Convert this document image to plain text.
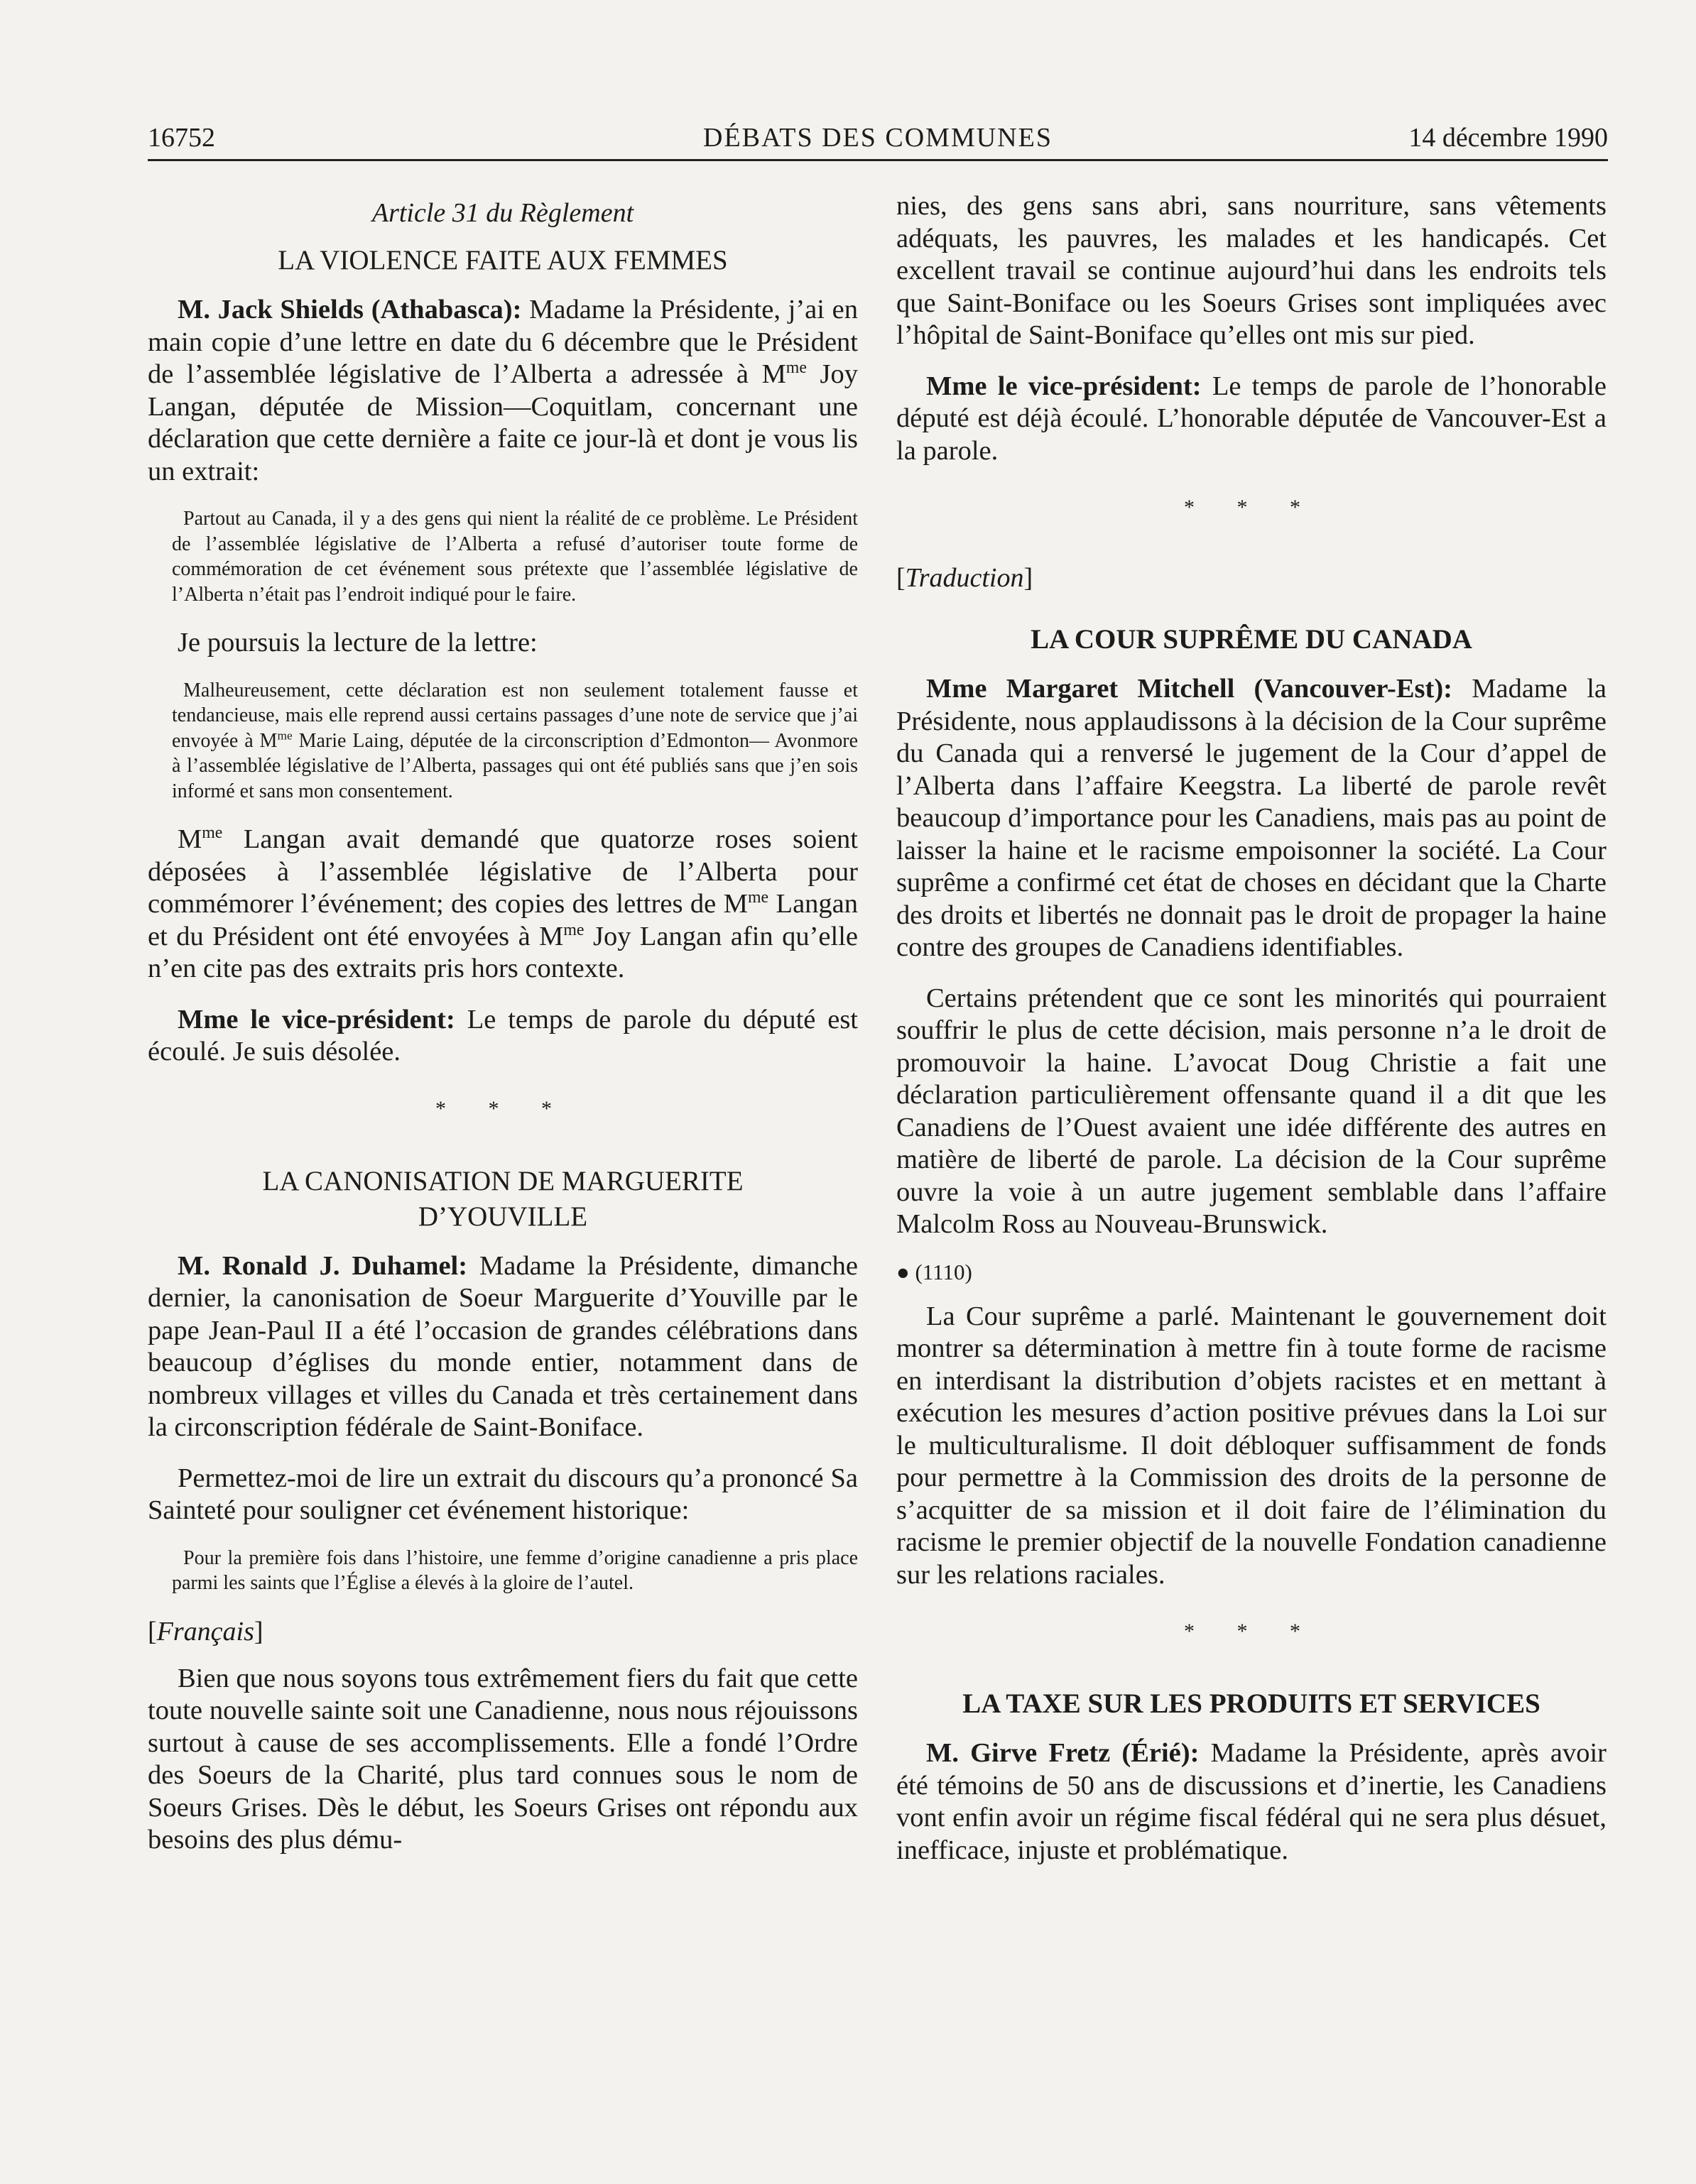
16752	DÉBATS DES COMMUNES	14 décembre 1990
Article 31 du Règlement
LA VIOLENCE FAITE AUX FEMMES

M. Jack Shields (Athabasca): Madame la Présidente, j’ai en main copie d’une lettre en date du 6 décembre que le Président de l’assemblée législative de l’Alberta a adressée à $M^{me}$ Joy Langan, députée de Mission—Coquitlam, concernant une déclaration que cette dernière a faite ce jour-là et dont je vous lis un extrait:

Partout au Canada, il y a des gens qui nient la réalité de ce problème. Le Président de l’assemblée législative de l’Alberta a refusé d’autoriser toute forme de commémoration de cet événement sous prétexte que l’assemblée législative de l’Alberta n’était pas l’endroit indiqué pour le faire.

Je poursuis la lecture de la lettre:

Malheureusement, cette déclaration est non seulement totalement fausse et tendancieuse, mais elle reprend aussi certains passages d’une note de service que j’ai envoyée à $M^{me}$ Marie Laing, députée de la circonscription d’Edmonton— Avonmore à l’assemblée législative de l’Alberta, passages qui ont été publiés sans que j’en sois informé et sans mon consentement.

$M^{me}$ Langan avait demandé que quatorze roses soient déposées à l’assemblée législative de l’Alberta pour commémorer l’événement; des copies des lettres de $M^{me}$ Langan et du Président ont été envoyées à $M^{me}$ Joy Langan afin qu’elle n’en cite pas des extraits pris hors contexte.

Mme le vice-président: Le temps de parole du député est écoulé. Je suis désolée.

* * *
LA CANONISATION DE MARGUERITE
D’YOUVILLE

M. Ronald J. Duhamel: Madame la Présidente, dimanche dernier, la canonisation de Soeur Marguerite d’Youville par le pape Jean-Paul II a été l’occasion de grandes célébrations dans beaucoup d’églises du monde entier, notamment dans de nombreux villages et villes du Canada et très certainement dans la circonscription fédérale de Saint-Boniface.

Permettez-moi de lire un extrait du discours qu’a prononcé Sa Sainteté pour souligner cet événement historique:

Pour la première fois dans l’histoire, une femme d’origine canadienne a pris place parmi les saints que l’Église a élevés à la gloire de l’autel.

[Français]

Bien que nous soyons tous extrêmement fiers du fait que cette toute nouvelle sainte soit une Canadienne, nous nous réjouissons surtout à cause de ses accomplissements. Elle a fondé l’Ordre des Soeurs de la Charité, plus tard connues sous le nom de Soeurs Grises. Dès le début, les Soeurs Grises ont répondu aux besoins des plus dému-

nies, des gens sans abri, sans nourriture, sans vêtements adéquats, les pauvres, les malades et les handicapés. Cet excellent travail se continue aujourd’hui dans les endroits tels que Saint-Boniface ou les Soeurs Grises sont impliquées avec l’hôpital de Saint-Boniface qu’elles ont mis sur pied.

Mme le vice-président: Le temps de parole de l’honorable député est déjà écoulé. L’honorable députée de Vancouver-Est a la parole.

* * *
[Traduction]
LA COUR SUPRÊME DU CANADA

Mme Margaret Mitchell (Vancouver-Est): Madame la Présidente, nous applaudissons à la décision de la Cour suprême du Canada qui a renversé le jugement de la Cour d’appel de l’Alberta dans l’affaire Keegstra. La liberté de parole revêt beaucoup d’importance pour les Canadiens, mais pas au point de laisser la haine et le racisme empoisonner la société. La Cour suprême a confirmé cet état de choses en décidant que la Charte des droits et libertés ne donnait pas le droit de propager la haine contre des groupes de Canadiens identifiables.

Certains prétendent que ce sont les minorités qui pourraient souffrir le plus de cette décision, mais personne n’a le droit de promouvoir la haine. L’avocat Doug Christie a fait une déclaration particulièrement offensante quand il a dit que les Canadiens de l’Ouest avaient une idée différente des autres en matière de liberté de parole. La décision de la Cour suprême ouvre la voie à un autre jugement semblable dans l’affaire Malcolm Ross au Nouveau-Brunswick.

● (1110)

La Cour suprême a parlé. Maintenant le gouvernement doit montrer sa détermination à mettre fin à toute forme de racisme en interdisant la distribution d’objets racistes et en mettant à exécution les mesures d’action positive prévues dans la Loi sur le multiculturalisme. Il doit débloquer suffisamment de fonds pour permettre à la Commission des droits de la personne de s’acquitter de sa mission et il doit faire de l’élimination du racisme le premier objectif de la nouvelle Fondation canadienne sur les relations raciales.

* * *
LA TAXE SUR LES PRODUITS ET SERVICES

M. Girve Fretz (Érié): Madame la Présidente, après avoir été témoins de 50 ans de discussions et d’inertie, les Canadiens vont enfin avoir un régime fiscal fédéral qui ne sera plus désuet, inefficace, injuste et problématique.
